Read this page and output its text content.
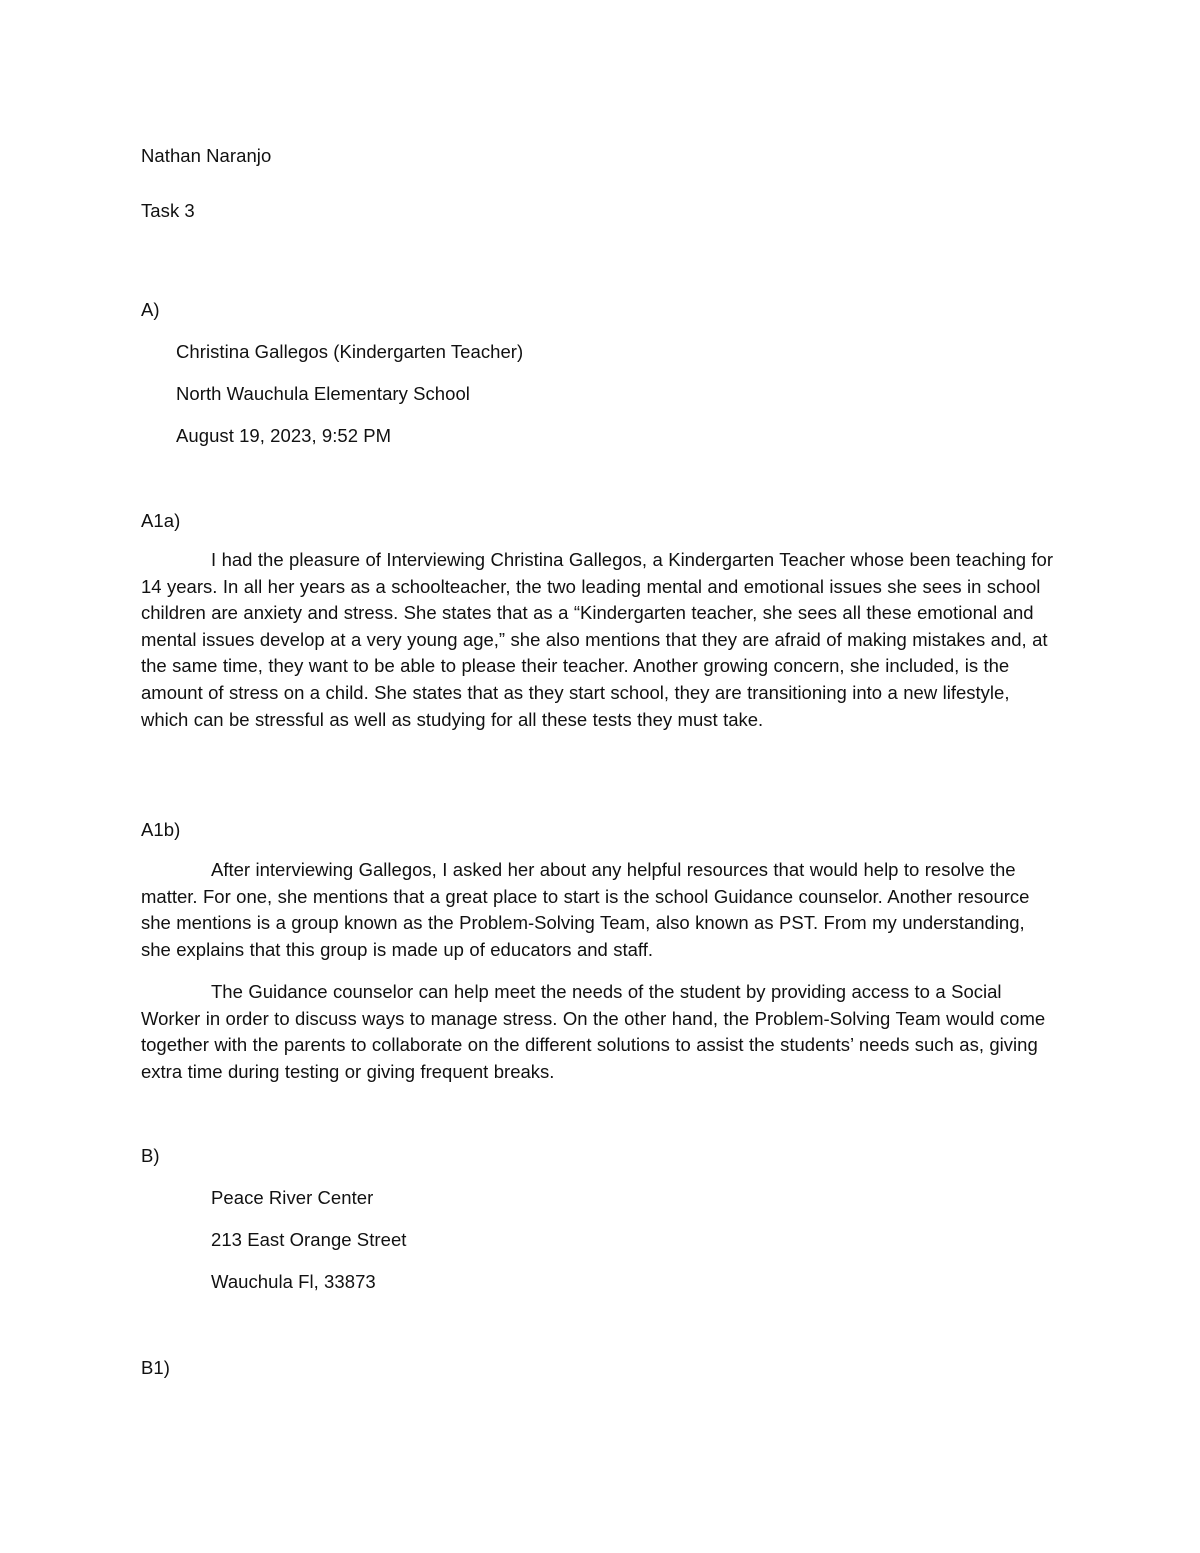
Nathan Naranjo
Task 3
A)
Christina Gallegos (Kindergarten Teacher)
North Wauchula Elementary School
August 19, 2023, 9:52 PM
A1a)
I had the pleasure of Interviewing Christina Gallegos, a Kindergarten Teacher whose been teaching for 14 years. In all her years as a schoolteacher, the two leading mental and emotional issues she sees in school children are anxiety and stress. She states that as a “Kindergarten teacher, she sees all these emotional and mental issues develop at a very young age,” she also mentions that they are afraid of making mistakes and, at the same time, they want to be able to please their teacher. Another growing concern, she included, is the amount of stress on a child. She states that as they start school, they are transitioning into a new lifestyle, which can be stressful as well as studying for all these tests they must take.
A1b)
After interviewing Gallegos, I asked her about any helpful resources that would help to resolve the matter. For one, she mentions that a great place to start is the school Guidance counselor. Another resource she mentions is a group known as the Problem-Solving Team, also known as PST. From my understanding, she explains that this group is made up of educators and staff.
The Guidance counselor can help meet the needs of the student by providing access to a Social Worker in order to discuss ways to manage stress. On the other hand, the Problem-Solving Team would come together with the parents to collaborate on the different solutions to assist the students’ needs such as, giving extra time during testing or giving frequent breaks.
B)
Peace River Center
213 East Orange Street
Wauchula Fl, 33873
B1)
